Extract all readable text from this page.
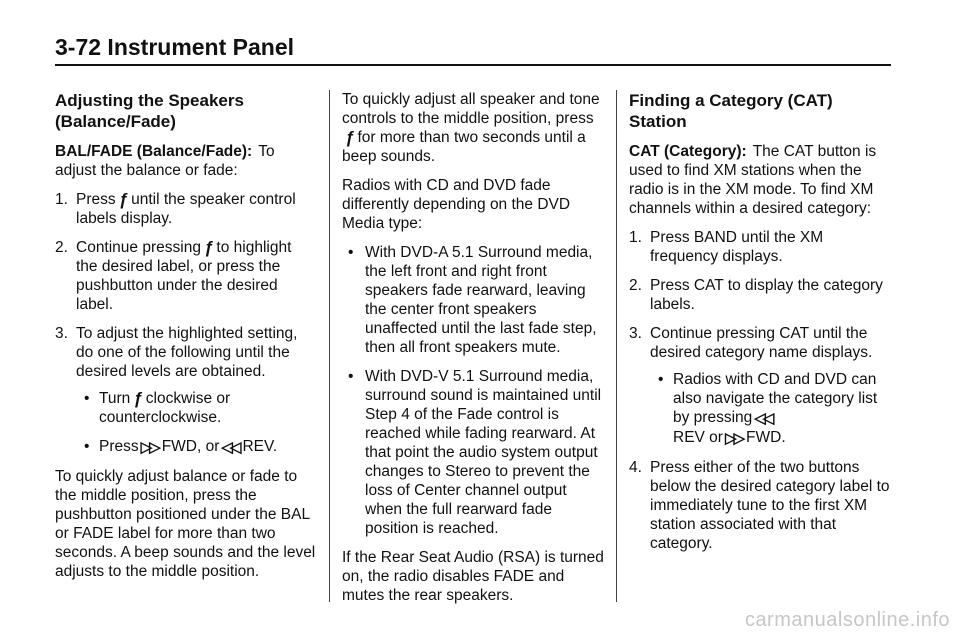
3-72 Instrument Panel
Adjusting the Speakers (Balance/Fade)

BAL/FADE (Balance/Fade): To adjust the balance or fade:

1. Press ƒ until the speaker control labels display.
2. Continue pressing ƒ to highlight the desired label, or press the pushbutton under the desired label.
3. To adjust the highlighted setting, do one of the following until the desired levels are obtained.
• Turn ƒ clockwise or counterclockwise.
• Press ▷▷ FWD, or ◁◁ REV.

To quickly adjust balance or fade to the middle position, press the pushbutton positioned under the BAL or FADE label for more than two seconds. A beep sounds and the level adjusts to the middle position.

To quickly adjust all speaker and tone controls to the middle position, pressƒ for more than two seconds until a beep sounds.

Radios with CD and DVD fade differently depending on the DVD Media type:

• With DVD-A 5.1 Surround media, the left front and right front speakers fade rearward, leaving the center front speakers unaffected until the last fade step, then all front speakers mute.
• With DVD-V 5.1 Surround media, surround sound is maintained until Step 4 of the Fade control is reached while fading rearward. At that point the audio system output changes to Stereo to prevent the loss of Center channel output when the full rearward fade position is reached.

If the Rear Seat Audio (RSA) is turned on, the radio disables FADE and mutes the rear speakers.

Finding a Category (CAT) Station

CAT (Category): The CAT button is used to find XM stations when the radio is in the XM mode. To find XM channels within a desired category:

1. Press BAND until the XM frequency displays.
2. Press CAT to display the category labels.
3. Continue pressing CAT until the desired category name displays.
• Radios with CD and DVD can also navigate the category list by pressing ◁◁
REV or ▷▷ FWD.
4. Press either of the two buttons below the desired category label to immediately tune to the first XM station associated with that category.
carmanualsonline.info
